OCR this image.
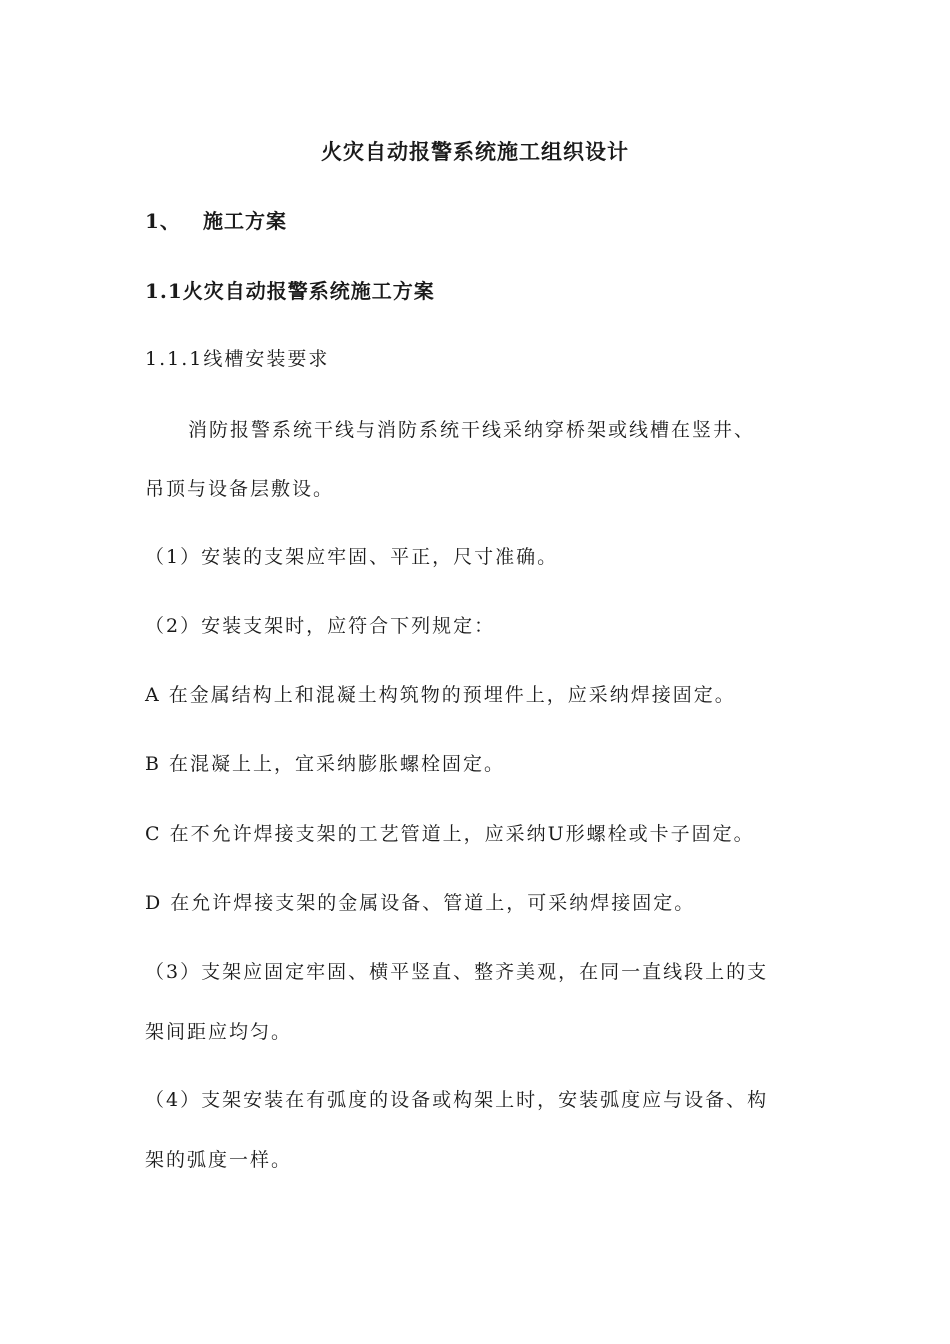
火灾自动报警系统施工组织设计
1、 施工方案
1.1火灾自动报警系统施工方案
1.1.1线槽安装要求
消防报警系统干线与消防系统干线采纳穿桥架或线槽在竖井、
吊顶与设备层敷设。
（1）安装的支架应牢固、平正，尺寸准确。
（2）安装支架时，应符合下列规定：
A 在金属结构上和混凝土构筑物的预埋件上，应采纳焊接固定。
B 在混凝上上，宜采纳膨胀螺栓固定。
C 在不允许焊接支架的工艺管道上，应采纳U形螺栓或卡子固定。
D 在允许焊接支架的金属设备、管道上，可采纳焊接固定。
（3）支架应固定牢固、横平竖直、整齐美观，在同一直线段上的支
架间距应均匀。
（4）支架安装在有弧度的设备或构架上时，安装弧度应与设备、构
架的弧度一样。
